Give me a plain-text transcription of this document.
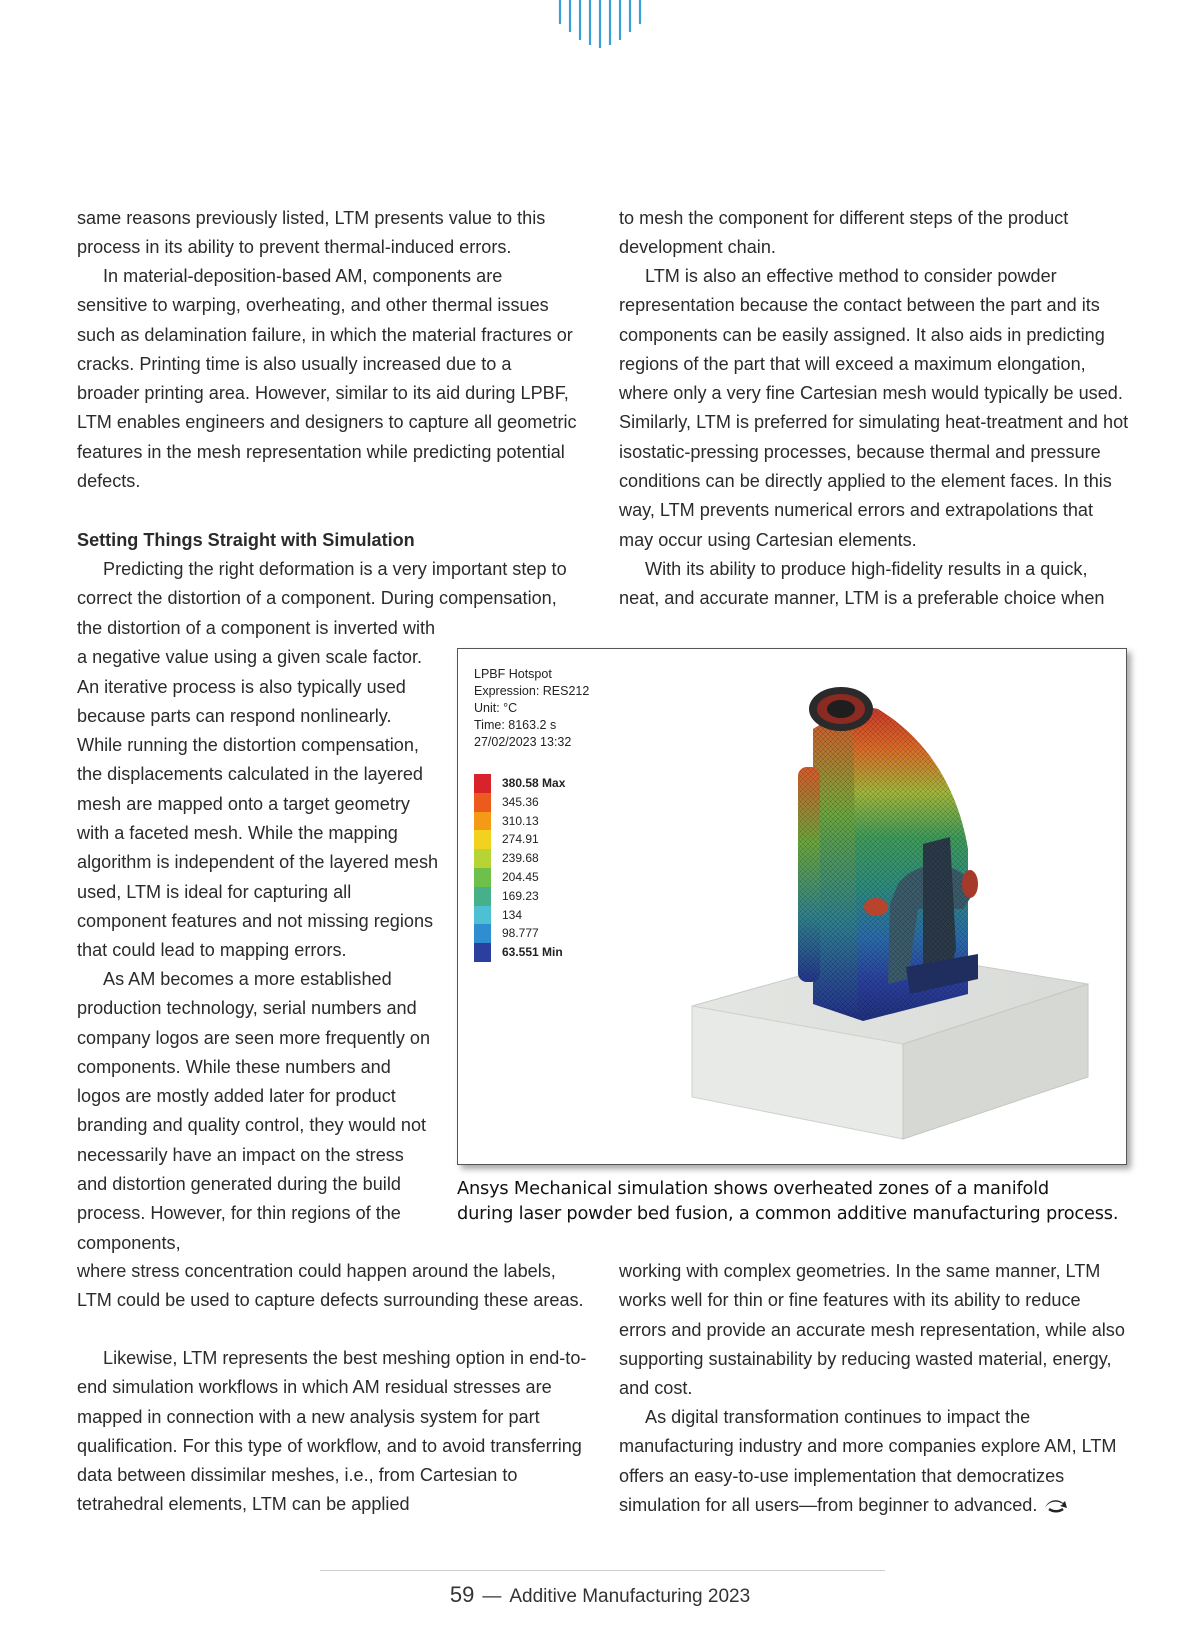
same reasons previously listed, LTM presents value to this process in its ability to prevent thermal-induced errors.

In material-deposition-based AM, components are sensitive to warping, overheating, and other thermal issues such as delamination failure, in which the material fractures or cracks. Printing time is also usually increased due to a broader printing area. However, similar to its aid during LPBF, LTM enables engineers and designers to capture all geometric features in the mesh representation while predicting potential defects.

Setting Things Straight with Simulation

Predicting the right deformation is a very important step to correct the distortion of a component. During compensation,

the distortion of a component is inverted with a negative value using a given scale factor. An iterative process is also typically used because parts can respond nonlinearly. While running the distortion compensation, the displacements calculated in the layered mesh are mapped onto a target geometry with a faceted mesh. While the mapping algorithm is independent of the layered mesh used, LTM is ideal for capturing all component features and not missing regions that could lead to mapping errors.

As AM becomes a more established production technology, serial numbers and company logos are seen more frequently on components. While these numbers and logos are mostly added later for product branding and quality control, they would not necessarily have an impact on the stress and distortion generated during the build process. However, for thin regions of the components,

where stress concentration could happen around the labels, LTM could be used to capture defects surrounding these areas.

Likewise, LTM represents the best meshing option in end-to-end simulation workflows in which AM residual stresses are mapped in connection with a new analysis system for part qualification. For this type of workflow, and to avoid transferring data between dissimilar meshes, i.e., from Cartesian to tetrahedral elements, LTM can be applied

to mesh the component for different steps of the product development chain.

LTM is also an effective method to consider powder representation because the contact between the part and its components can be easily assigned. It also aids in predicting regions of the part that will exceed a maximum elongation, where only a very fine Cartesian mesh would typically be used. Similarly, LTM is preferred for simulating heat-treatment and hot isostatic-pressing processes, because thermal and pressure conditions can be directly applied to the element faces. In this way, LTM prevents numerical errors and extrapolations that may occur using Cartesian elements.

With its ability to produce high-fidelity results in a quick, neat, and accurate manner, LTM is a preferable choice when

working with complex geometries. In the same manner, LTM works well for thin or fine features with its ability to reduce errors and provide an accurate mesh representation, while also supporting sustainability by reducing wasted material, energy, and cost.

As digital transformation continues to impact the manufacturing industry and more companies explore AM, LTM offers an easy-to-use implementation that democratizes simulation for all users—from beginner to advanced.

LPBF Hotspot
Expression: RES212
Unit: °C
Time: 8163.2 s
27/02/2023 13:32
380.58 Max
345.36
310.13
274.91
239.68
204.45
169.23
134
98.777
63.551 Min
Ansys Mechanical simulation shows overheated zones of a manifold
during laser powder bed fusion, a common additive manufacturing process.
59 — Additive Manufacturing 2023
